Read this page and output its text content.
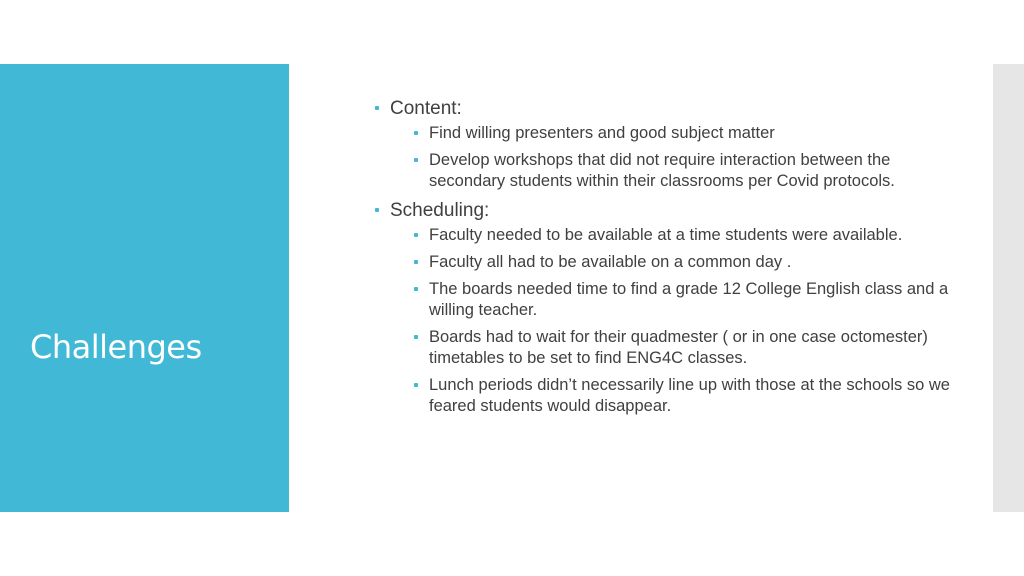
Challenges
Content:
Find willing presenters and good subject matter
Develop workshops that did not require interaction between the secondary students within their classrooms per Covid protocols.
Scheduling:
Faculty needed to be available at a time students were available.
Faculty all had to be available on a common day .
The boards needed time to find a grade 12 College English class and a willing teacher.
Boards had to wait for their quadmester ( or in one case octomester) timetables to be set to find ENG4C classes.
Lunch periods didn’t necessarily line up with those at the schools so we feared students would disappear.
